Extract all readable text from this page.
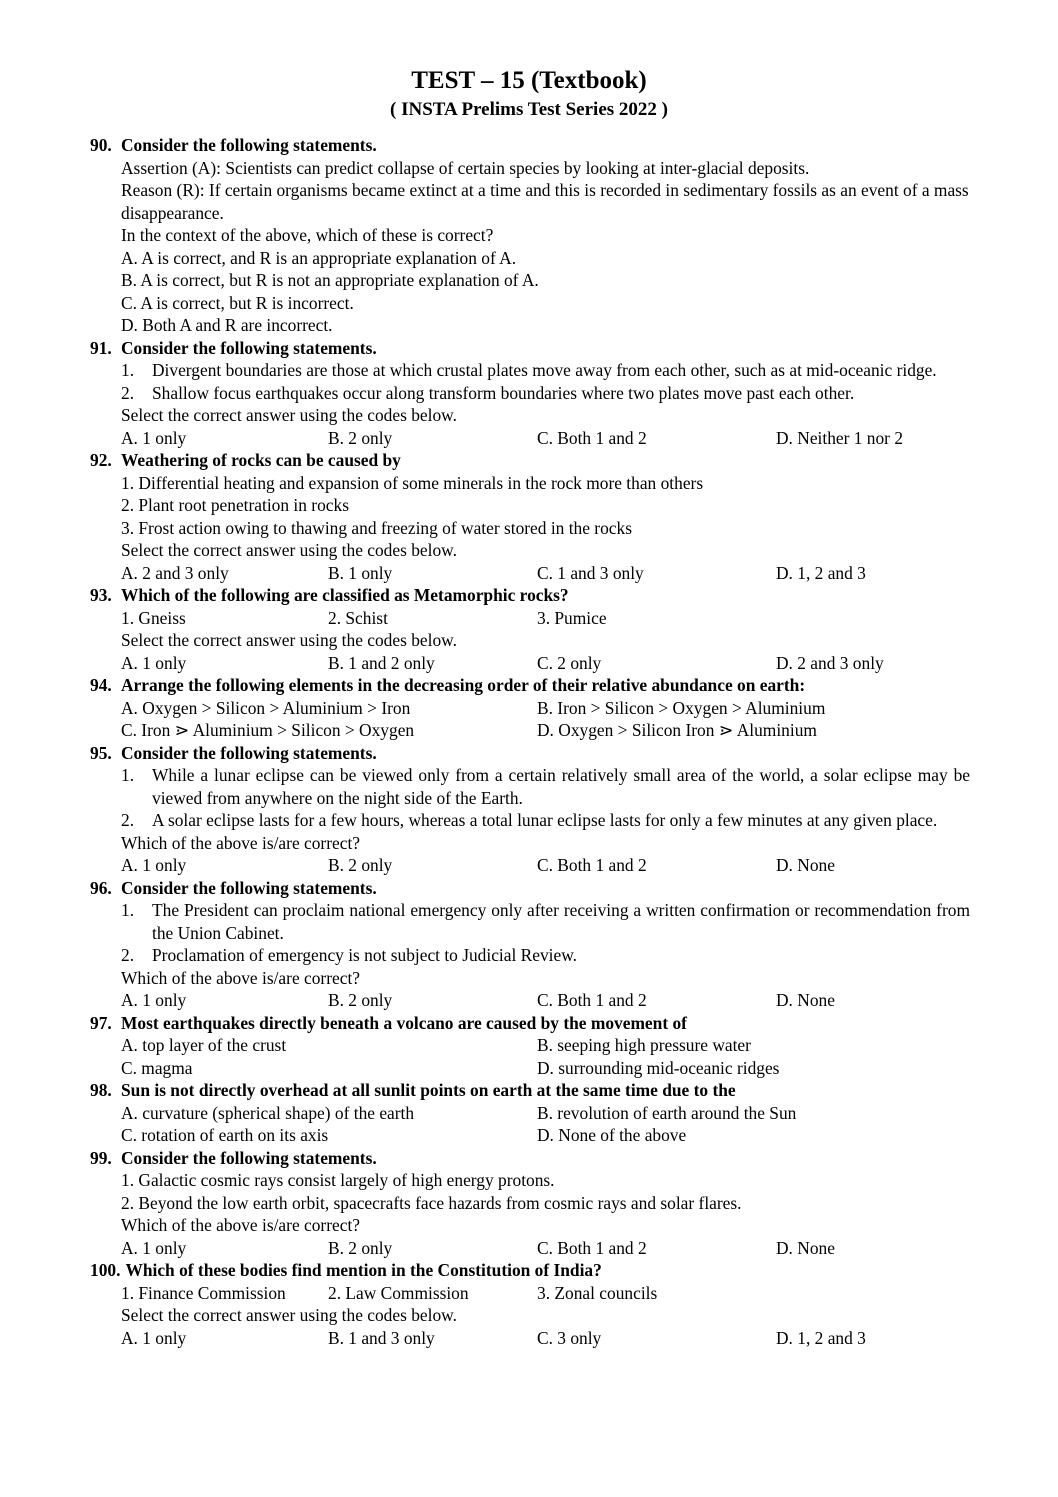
TEST – 15 (Textbook)
( INSTA Prelims Test Series 2022 )
90. Consider the following statements.
Assertion (A): Scientists can predict collapse of certain species by looking at inter-glacial deposits.
Reason (R): If certain organisms became extinct at a time and this is recorded in sedimentary fossils as an event of a mass disappearance.
In the context of the above, which of these is correct?
A. A is correct, and R is an appropriate explanation of A.
B. A is correct, but R is not an appropriate explanation of A.
C. A is correct, but R is incorrect.
D. Both A and R are incorrect.
91. Consider the following statements.
1.	Divergent boundaries are those at which crustal plates move away from each other, such as at mid-oceanic ridge.
2.	Shallow focus earthquakes occur along transform boundaries where two plates move past each other.
Select the correct answer using the codes below.
A. 1 only	B. 2 only	C. Both 1 and 2	D. Neither 1 nor 2
92. Weathering of rocks can be caused by
1. Differential heating and expansion of some minerals in the rock more than others
2. Plant root penetration in rocks
3. Frost action owing to thawing and freezing of water stored in the rocks
Select the correct answer using the codes below.
A. 2 and 3 only	B. 1 only	C. 1 and 3 only	D. 1, 2 and 3
93. Which of the following are classified as Metamorphic rocks?
1. Gneiss	2. Schist	3. Pumice
Select the correct answer using the codes below.
A. 1 only	B. 1 and 2 only	C. 2 only	D. 2 and 3 only
94. Arrange the following elements in the decreasing order of their relative abundance on earth:
A. Oxygen > Silicon > Aluminium > Iron	B. Iron > Silicon > Oxygen > Aluminium
C. Iron ⋗ Aluminium > Silicon > Oxygen	D. Oxygen > Silicon Iron ⋗ Aluminium
95. Consider the following statements.
1.	While a lunar eclipse can be viewed only from a certain relatively small area of the world, a solar eclipse may be viewed from anywhere on the night side of the Earth.
2.	A solar eclipse lasts for a few hours, whereas a total lunar eclipse lasts for only a few minutes at any given place.
Which of the above is/are correct?
A. 1 only	B. 2 only	C. Both 1 and 2	D. None
96. Consider the following statements.
1.	The President can proclaim national emergency only after receiving a written confirmation or recommendation from the Union Cabinet.
2.	Proclamation of emergency is not subject to Judicial Review.
Which of the above is/are correct?
A. 1 only	B. 2 only	C. Both 1 and 2	D. None
97. Most earthquakes directly beneath a volcano are caused by the movement of
A. top layer of the crust	B. seeping high pressure water
C. magma	D. surrounding mid-oceanic ridges
98. Sun is not directly overhead at all sunlit points on earth at the same time due to the
A. curvature (spherical shape) of the earth	B. revolution of earth around the Sun
C. rotation of earth on its axis	D. None of the above
99. Consider the following statements.
1. Galactic cosmic rays consist largely of high energy protons.
2. Beyond the low earth orbit, spacecrafts face hazards from cosmic rays and solar flares.
Which of the above is/are correct?
A. 1 only	B. 2 only	C. Both 1 and 2	D. None
100. Which of these bodies find mention in the Constitution of India?
1. Finance Commission	2. Law Commission	3. Zonal councils
Select the correct answer using the codes below.
A. 1 only	B. 1 and 3 only	C. 3 only	D. 1, 2 and 3
